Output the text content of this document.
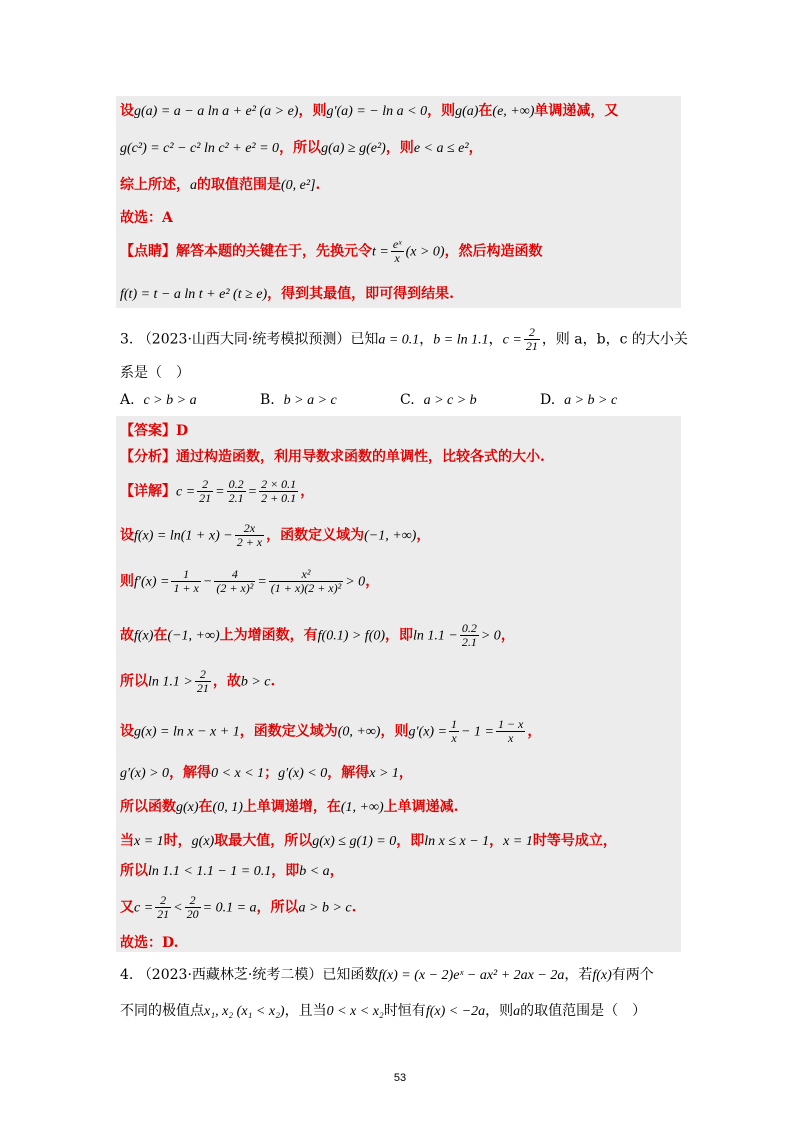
设g(a) = a − a ln a + e² (a > e)，则g′(a) = − ln a < 0，则g(a)在(e, +∞)单调递减，又
g(c²) = c² − c² ln c² + e² = 0，所以g(a) ≥ g(e²)，则e < a ≤ e²，
综上所述，a的取值范围是(0, e²].
故选：A
【点睛】解答本题的关键在于，先换元令$t = \frac{\text{eˣ}}{x} (x > 0)$，然后构造函数
f(t) = t − a ln t + e² (t ≥ e)，得到其最值，即可得到结果.
3. （2023·山西大同·统考模拟预测）已知a = 0.1，b = ln 1.1，$c = \frac{2}{21}$ ，则 a，b，c 的大小关
系是（　）
A. c > b > a	B. b > a > c	C. a > c > b	D. a > b > c
【答案】D
【分析】通过构造函数，利用导数求函数的单调性，比较各式的大小.
【详解】$c = \frac{2}{21} = \frac{0.2}{2.1} = \frac{2 \times 0.1}{2 + 0.1}$ ，
设$f(x) = \ln(1 + x) - \frac{2x}{2 + x}$ ，函数定义域为(−1, +∞)，
则$f'(x) = \frac{1}{1 + x} - \frac{4}{\text{(2 + x)²}} = \frac{\text{x²}}{\text{(1 + x)(2 + x)²}} > 0$，
故f(x)在(−1, +∞)上为增函数，有f(0.1) > f(0)，即$\ln 1.1 - \frac{0.2}{2.1} > 0$，
所以$\ln 1.1 > \frac{2}{21}$ ，故b > c.
设g(x) = ln x − x + 1，函数定义域为(0, +∞)，则$g'(x) = \frac{1}{x} - 1 = \frac{1 - x}{x}$ ，
g′(x) > 0，解得0 < x < 1；g′(x) < 0，解得x > 1，
所以函数g(x)在(0, 1)上单调递增，在(1, +∞)上单调递减.
当x = 1时，g(x)取最大值，所以g(x) ≤ g(1) = 0，即ln x ≤ x − 1，x = 1时等号成立，
所以ln 1.1 < 1.1 − 1 = 0.1，即b < a，
又$c = \frac{2}{21} < \frac{2}{20} = 0.1 = a$，所以a > b > c.
故选：D.
4. （2023·西藏林芝·统考二模）已知函数f(x) = (x − 2)eˣ − ax² + 2ax − 2a，若f(x)有两个
不同的极值点x₁, x₂ (x₁ < x₂)，且当0 < x < x₂时恒有f(x) < −2a，则a的取值范围是（　）
53
